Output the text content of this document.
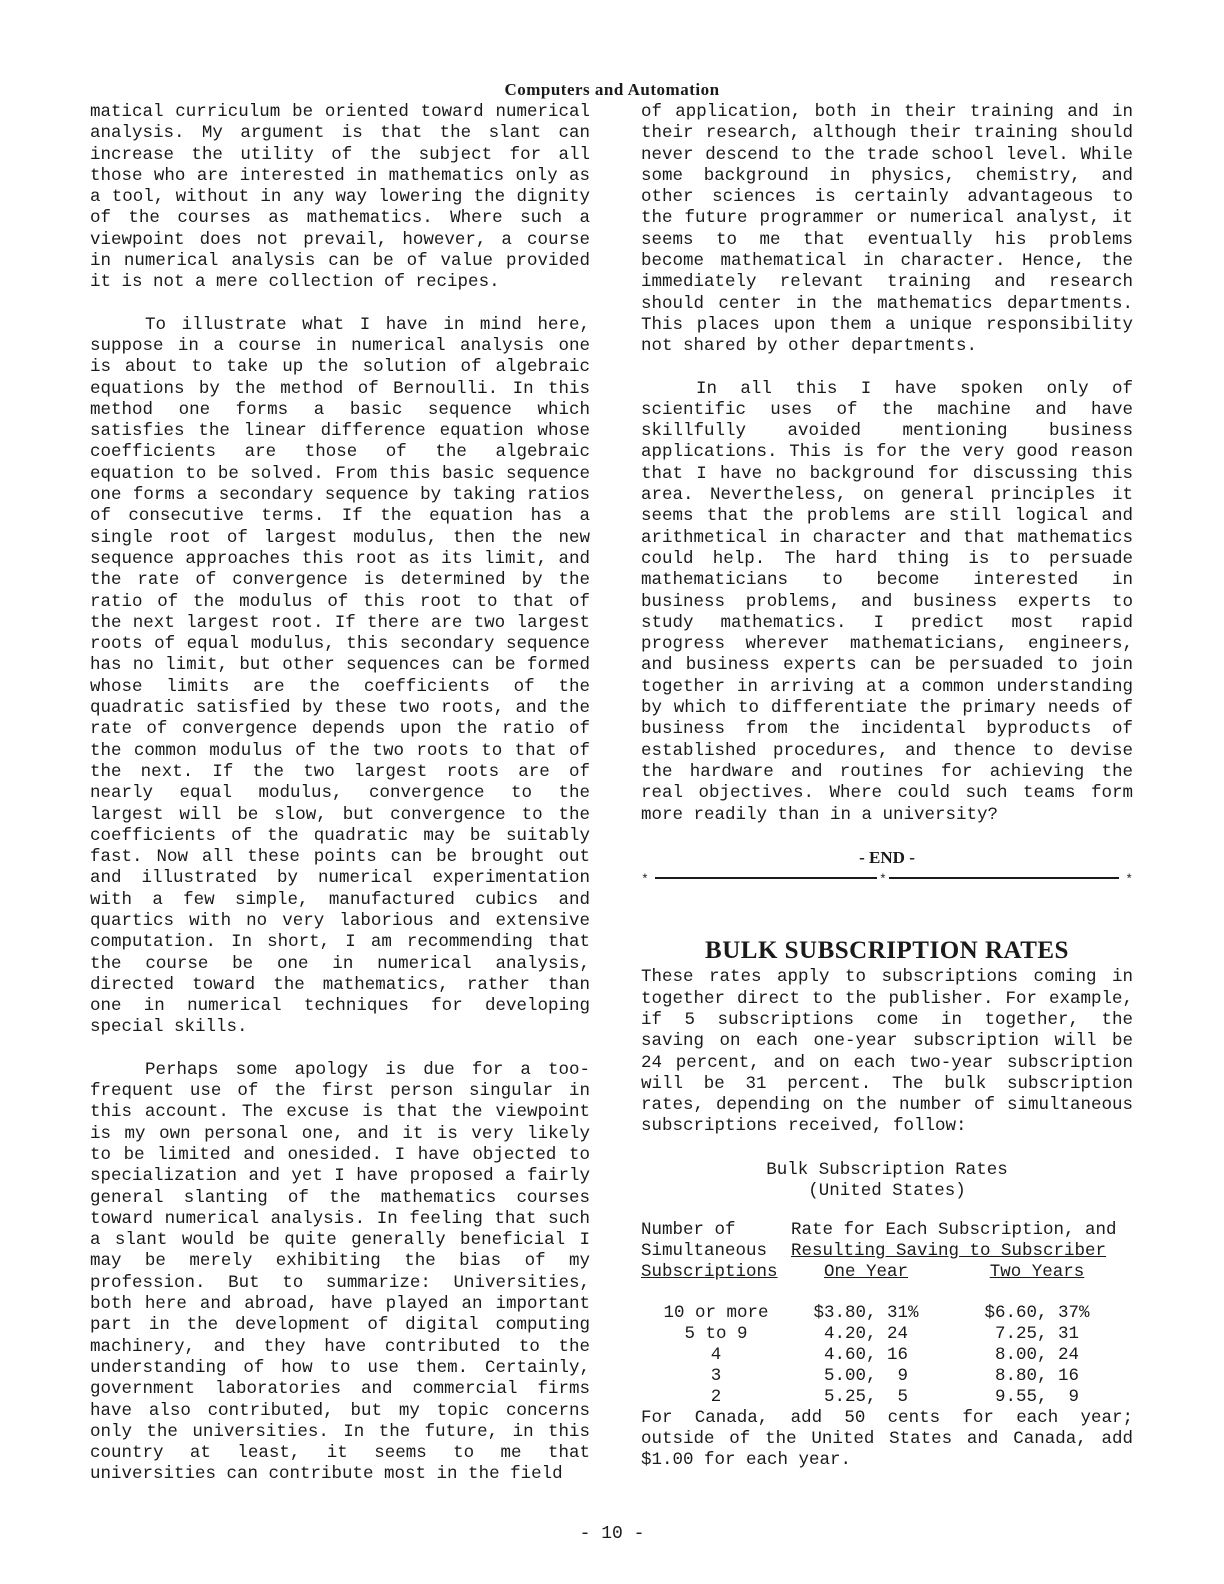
Computers and Automation

matical curriculum be oriented toward numerical analysis. My argument is that the slant can increase the utility of the subject for all those who are interested in mathematics only as a tool, without in any way lowering the dignity of the courses as mathematics. Where such a viewpoint does not prevail, however, a course in numerical analysis can be of value provided it is not a mere collection of recipes.

To illustrate what I have in mind here, suppose in a course in numerical analysis one is about to take up the solution of algebraic equations by the method of Bernoulli. In this method one forms a basic sequence which satisfies the linear difference equation whose coefficients are those of the algebraic equation to be solved. From this basic sequence one forms a secondary sequence by taking ratios of consecutive terms. If the equation has a single root of largest modulus, then the new sequence approaches this root as its limit, and the rate of convergence is determined by the ratio of the modulus of this root to that of the next largest root. If there are two largest roots of equal modulus, this secondary sequence has no limit, but other sequences can be formed whose limits are the coefficients of the quadratic satisfied by these two roots, and the rate of convergence depends upon the ratio of the common modulus of the two roots to that of the next. If the two largest roots are of nearly equal modulus, convergence to the largest will be slow, but convergence to the coefficients of the quadratic may be suitably fast. Now all these points can be brought out and illustrated by numerical experimentation with a few simple, manufactured cubics and quartics with no very laborious and extensive computation. In short, I am recommending that the course be one in numerical analysis, directed toward the mathematics, rather than one in numerical techniques for developing special skills.

Perhaps some apology is due for a too-frequent use of the first person singular in this account. The excuse is that the viewpoint is my own personal one, and it is very likely to be limited and onesided. I have objected to specialization and yet I have proposed a fairly general slanting of the mathematics courses toward numerical analysis. In feeling that such a slant would be quite generally beneficial I may be merely exhibiting the bias of my profession. But to summarize: Universities, both here and abroad, have played an important part in the development of digital computing machinery, and they have contributed to the understanding of how to use them. Certainly, government laboratories and commercial firms have also contributed, but my topic concerns only the universities. In the future, in this country at least, it seems to me that universities can contribute most in the field

of application, both in their training and in their research, although their training should never descend to the trade school level. While some background in physics, chemistry, and other sciences is certainly advantageous to the future programmer or numerical analyst, it seems to me that eventually his problems become mathematical in character. Hence, the immediately relevant training and research should center in the mathematics departments. This places upon them a unique responsibility not shared by other departments.

In all this I have spoken only of scientific uses of the machine and have skillfully avoided mentioning business applications. This is for the very good reason that I have no background for discussing this area. Nevertheless, on general principles it seems that the problems are still logical and arithmetical in character and that mathematics could help. The hard thing is to persuade mathematicians to become interested in business problems, and business experts to study mathematics. I predict most rapid progress wherever mathematicians, engineers, and business experts can be persuaded to join together in arriving at a common understanding by which to differentiate the primary needs of business from the incidental byproducts of established procedures, and thence to devise the hardware and routines for achieving the real objectives. Where could such teams form more readily than in a university?

- END -
*	*	*
BULK SUBSCRIPTION RATES

These rates apply to subscriptions coming in together direct to the publisher. For example, if 5 subscriptions come in together, the saving on each one-year subscription will be 24 percent, and on each two-year subscription will be 31 percent. The bulk subscription rates, depending on the number of simultaneous subscriptions received, follow:

Bulk Subscription Rates
(United States)
Number of	Rate for Each Subscription, and	
Simultaneous	Resulting Saving to Subscriber	
Subscriptions	One Year	Two Years

10 or more	$3.80, 31%	$6.60, 37%
5 to 9	4.20, 24	7.25, 31
4	4.60, 16	8.00, 24
3	5.00,  9	8.80, 16
2	5.25,  5	9.55,  9

For Canada, add 50 cents for each year; outside of the United States and Canada, add $1.00 for each year.

- 10 -
